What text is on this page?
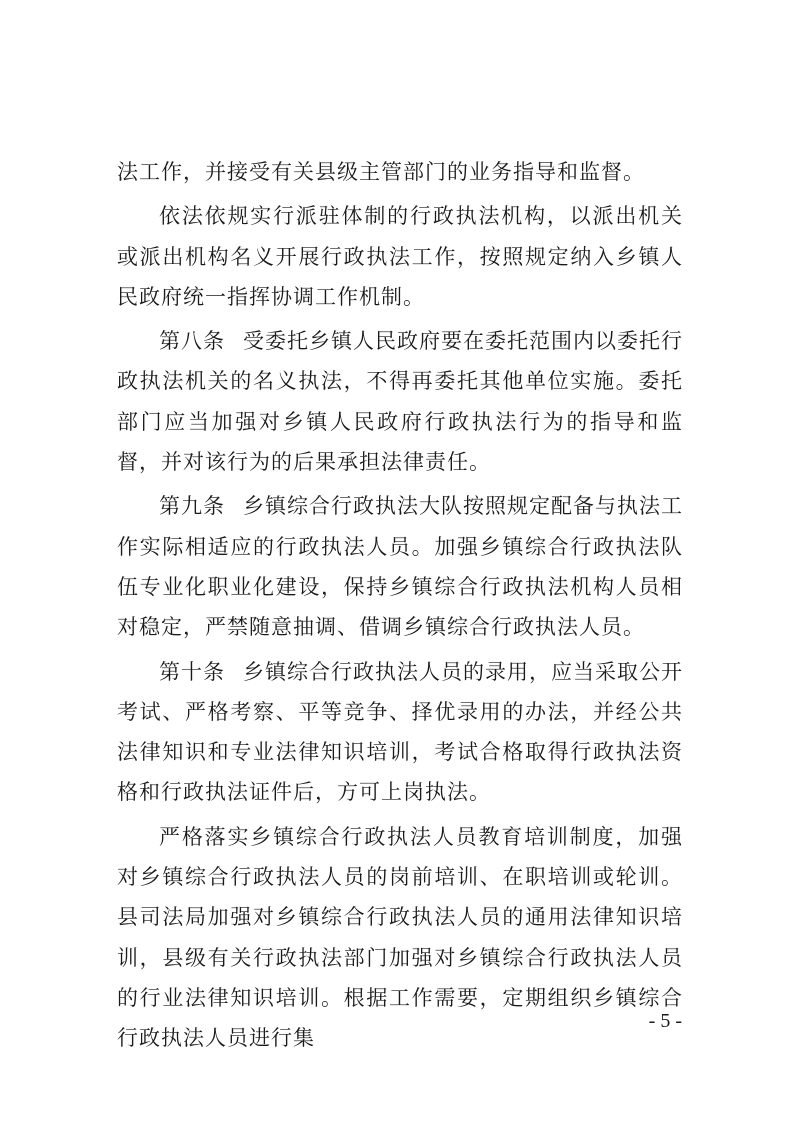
法工作，并接受有关县级主管部门的业务指导和监督。

依法依规实行派驻体制的行政执法机构，以派出机关或派出机构名义开展行政执法工作，按照规定纳入乡镇人民政府统一指挥协调工作机制。

第八条 受委托乡镇人民政府要在委托范围内以委托行政执法机关的名义执法，不得再委托其他单位实施。委托部门应当加强对乡镇人民政府行政执法行为的指导和监督，并对该行为的后果承担法律责任。

第九条 乡镇综合行政执法大队按照规定配备与执法工作实际相适应的行政执法人员。加强乡镇综合行政执法队伍专业化职业化建设，保持乡镇综合行政执法机构人员相对稳定，严禁随意抽调、借调乡镇综合行政执法人员。

第十条 乡镇综合行政执法人员的录用，应当采取公开考试、严格考察、平等竞争、择优录用的办法，并经公共法律知识和专业法律知识培训，考试合格取得行政执法资格和行政执法证件后，方可上岗执法。

严格落实乡镇综合行政执法人员教育培训制度，加强对乡镇综合行政执法人员的岗前培训、在职培训或轮训。县司法局加强对乡镇综合行政执法人员的通用法律知识培训，县级有关行政执法部门加强对乡镇综合行政执法人员的行业法律知识培训。根据工作需要，定期组织乡镇综合行政执法人员进行集

- 5 -
